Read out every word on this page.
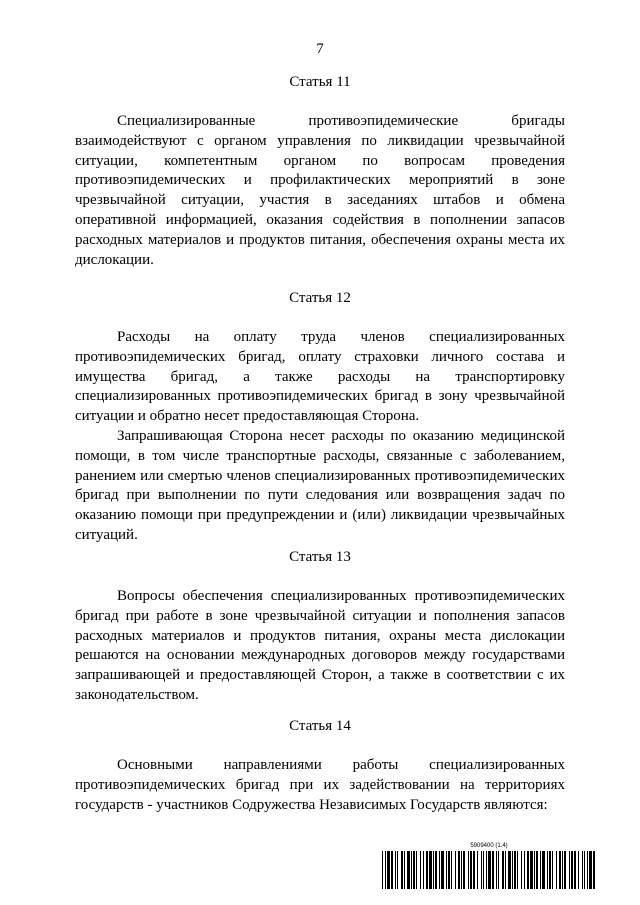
7
Статья 11

Специализированные противоэпидемические бригады взаимодействуют с органом управления по ликвидации чрезвычайной ситуации, компетентным органом по вопросам проведения противоэпидемических и профилактических мероприятий в зоне чрезвычайной ситуации, участия в заседаниях штабов и обмена оперативной информацией, оказания содействия в пополнении запасов расходных материалов и продуктов питания, обеспечения охраны места их дислокации.

Статья 12

Расходы на оплату труда членов специализированных противоэпидемических бригад, оплату страховки личного состава и имущества бригад, а также расходы на транспортировку специализированных противоэпидемических бригад в зону чрезвычайной ситуации и обратно несет предоставляющая Сторона.

Запрашивающая Сторона несет расходы по оказанию медицинской помощи, в том числе транспортные расходы, связанные с заболеванием, ранением или смертью членов специализированных противоэпидемических бригад при выполнении по пути следования или возвращения задач по оказанию помощи при предупреждении и (или) ликвидации чрезвычайных ситуаций.

Статья 13

Вопросы обеспечения специализированных противоэпидемических бригад при работе в зоне чрезвычайной ситуации и пополнения запасов расходных материалов и продуктов питания, охраны места дислокации решаются на основании международных договоров между государствами запрашивающей и предоставляющей Сторон, а также в соответствии с их законодательством.

Статья 14

Основными направлениями работы специализированных противоэпидемических бригад при их задействовании на территориях государств - участников Содружества Независимых Государств являются:

5909400 (1.4)
